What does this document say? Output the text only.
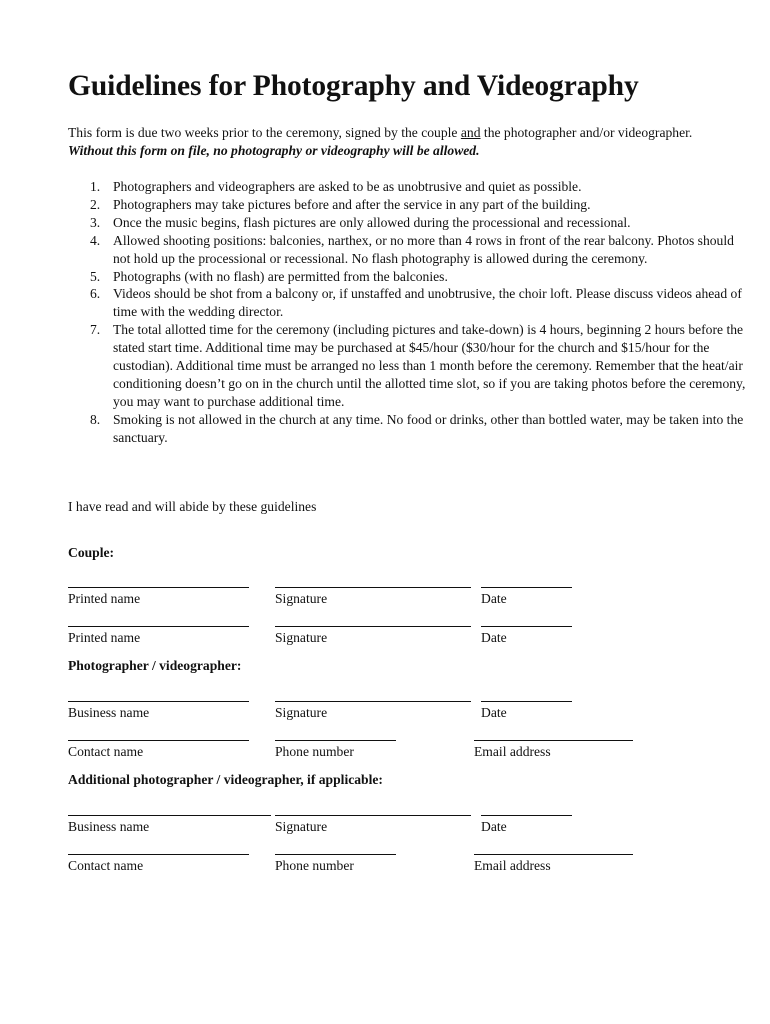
Guidelines for Photography and Videography

This form is due two weeks prior to the ceremony, signed by the couple and the photographer and/or videographer. Without this form on file, no photography or videography will be allowed.

1. Photographers and videographers are asked to be as unobtrusive and quiet as possible.
2. Photographers may take pictures before and after the service in any part of the building.
3. Once the music begins, flash pictures are only allowed during the processional and recessional.
4. Allowed shooting positions: balconies, narthex, or no more than 4 rows in front of the rear balcony. Photos should not hold up the processional or recessional. No flash photography is allowed during the ceremony.
5. Photographs (with no flash) are permitted from the balconies.
6. Videos should be shot from a balcony or, if unstaffed and unobtrusive, the choir loft. Please discuss videos ahead of time with the wedding director.
7. The total allotted time for the ceremony (including pictures and take-down) is 4 hours, beginning 2 hours before the stated start time. Additional time may be purchased at $45/hour ($30/hour for the church and $15/hour for the custodian). Additional time must be arranged no less than 1 month before the ceremony. Remember that the heat/air conditioning doesn’t go on in the church until the allotted time slot, so if you are taking photos before the ceremony, you may want to purchase additional time.
8. Smoking is not allowed in the church at any time. No food or drinks, other than bottled water, may be taken into the sanctuary.

I have read and will abide by these guidelines

Couple:

Printed name	Signature	Date
Printed name	Signature	Date

Photographer / videographer:

Business name	Signature	Date
Contact name	Phone number	Email address

Additional photographer / videographer, if applicable:

Business name	Signature	Date
Contact name	Phone number	Email address
